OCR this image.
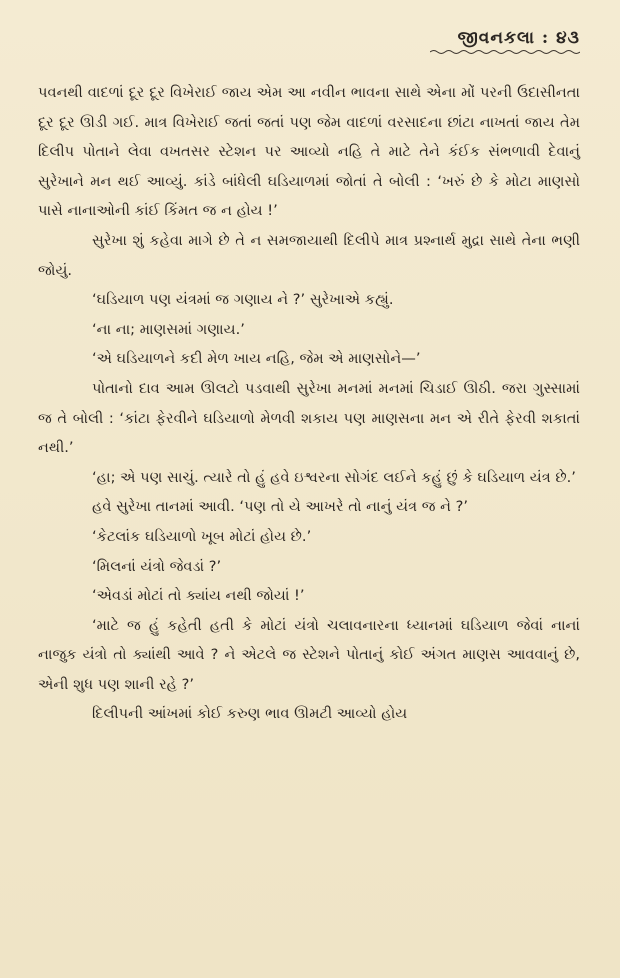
જીવનકલા : ૪૩

પવનથી વાદળાં દૂર દૂર વિખેરાઈ જાય એમ આ નવીન ભાવના સાથે એના મોં પરની ઉદાસીનતા દૂર દૂર ઊડી ગઈ. માત્ર વિખેરાઈ જતાં જતાં પણ જેમ વાદળાં વરસાદના છાંટા નાખતાં જાય તેમ દિલીપ પોતાને લેવા વખતસર સ્ટેશન પર આવ્યો નહિ તે માટે તેને કંઈક સંભળાવી દેવાનું સુરેખાને મન થઈ આવ્યું. કાંડે બાંધેલી ઘડિયાળમાં જોતાં તે બોલી : ‘ખરું છે કે મોટા માણસો પાસે નાનાઓની કાંઈ કિંમત જ ન હોય !’

સુરેખા શું કહેવા માગે છે તે ન સમજાયાથી દિલીપે માત્ર પ્રશ્નાર્થ મુદ્રા સાથે તેના ભણી જોયું.

‘ઘડિયાળ પણ યંત્રમાં જ ગણાય ને ?’ સુરેખાએ કહ્યું.

‘ના ના; માણસમાં ગણાય.’

‘એ ઘડિયાળને કદી મેળ ખાય નહિ, જેમ એ માણસોને—’

પોતાનો દાવ આમ ઊલટો પડવાથી સુરેખા મનમાં મનમાં ચિડાઈ ઊઠી. જરા ગુસ્સામાં જ તે બોલી : ‘કાંટા ફેરવીને ઘડિયાળો મેળવી શકાય પણ માણસના મન એ રીતે ફેરવી શકાતાં નથી.’

‘હા; એ પણ સાચું. ત્યારે તો હું હવે ઇશ્વરના સોગંદ લઈને કહું છું કે ઘડિયાળ યંત્ર છે.’

હવે સુરેખા તાનમાં આવી. ‘પણ તો યે આખરે તો નાનું યંત્ર જ ને ?’

‘કેટલાંક ઘડિયાળો ખૂબ મોટાં હોય છે.’

‘મિલનાં યંત્રો જેવડાં ?’

‘એવડાં મોટાં તો ક્યાંય નથી જોયાં !’

‘માટે જ હું કહેતી હતી કે મોટાં યંત્રો ચલાવનારના ધ્યાનમાં ઘડિયાળ જેવાં નાનાં નાજુક યંત્રો તો ક્યાંથી આવે ? ને એટલે જ સ્ટેશને પોતાનું કોઈ અંગત માણસ આવવાનું છે, એની શુધ પણ શાની રહે ?’

દિલીપની આંખમાં કોઈ કરુણ ભાવ ઊમટી આવ્યો હોય
